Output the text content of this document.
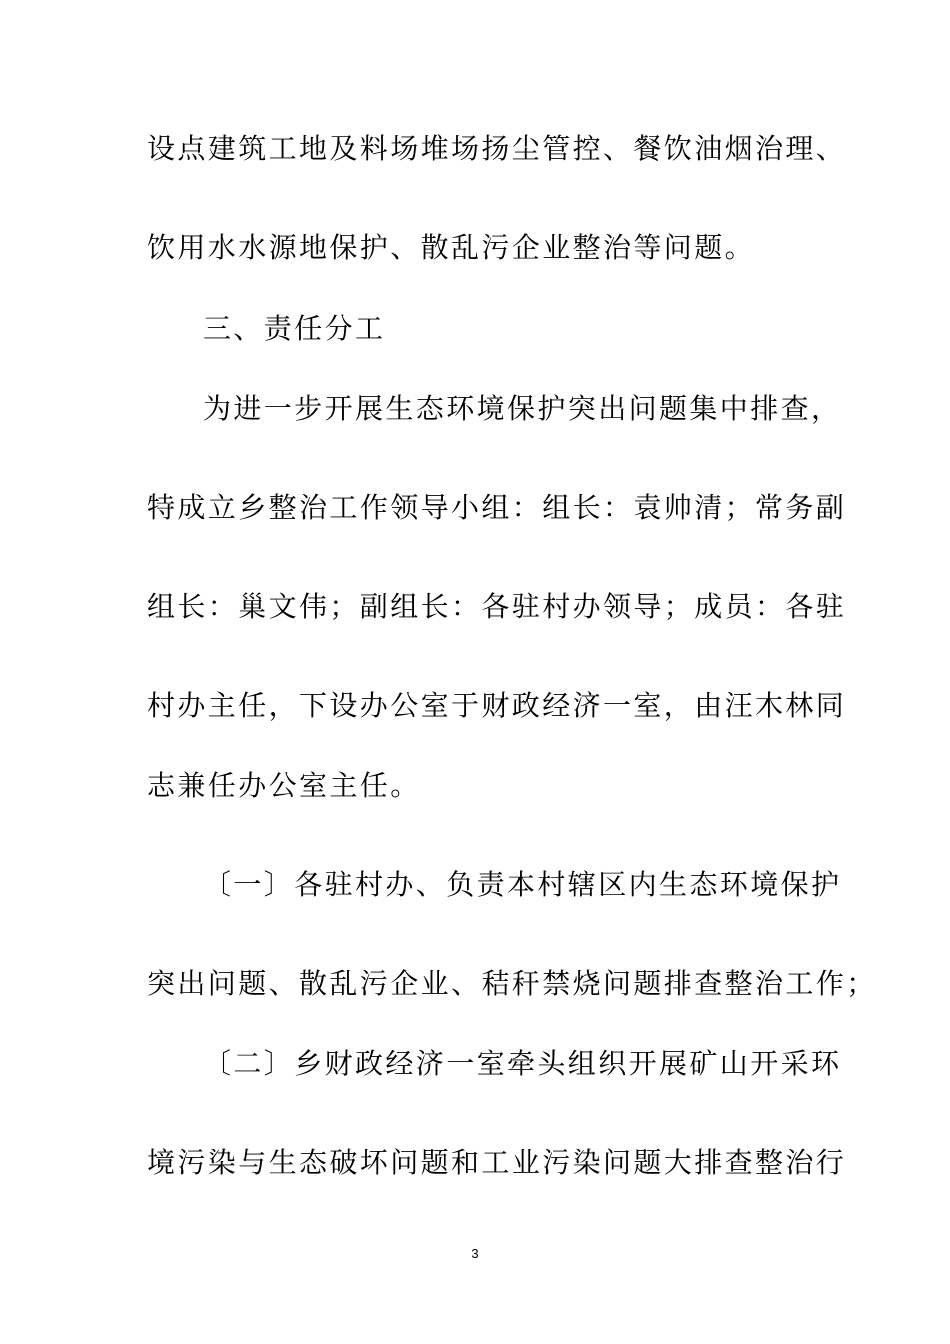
设点建筑工地及料场堆场扬尘管控、餐饮油烟治理、
饮用水水源地保护、散乱污企业整治等问题。
三、责任分工
为进一步开展生态环境保护突出问题集中排查，
特成立乡整治工作领导小组：组长：袁帅清；常务副
组长：巢文伟；副组长：各驻村办领导；成员：各驻
村办主任，下设办公室于财政经济一室，由汪木林同
志兼任办公室主任。
〔一〕各驻村办、负责本村辖区内生态环境保护
突出问题、散乱污企业、秸秆禁烧问题排查整治工作；
〔二〕乡财政经济一室牵头组织开展矿山开采环
境污染与生态破坏问题和工业污染问题大排查整治行
3
